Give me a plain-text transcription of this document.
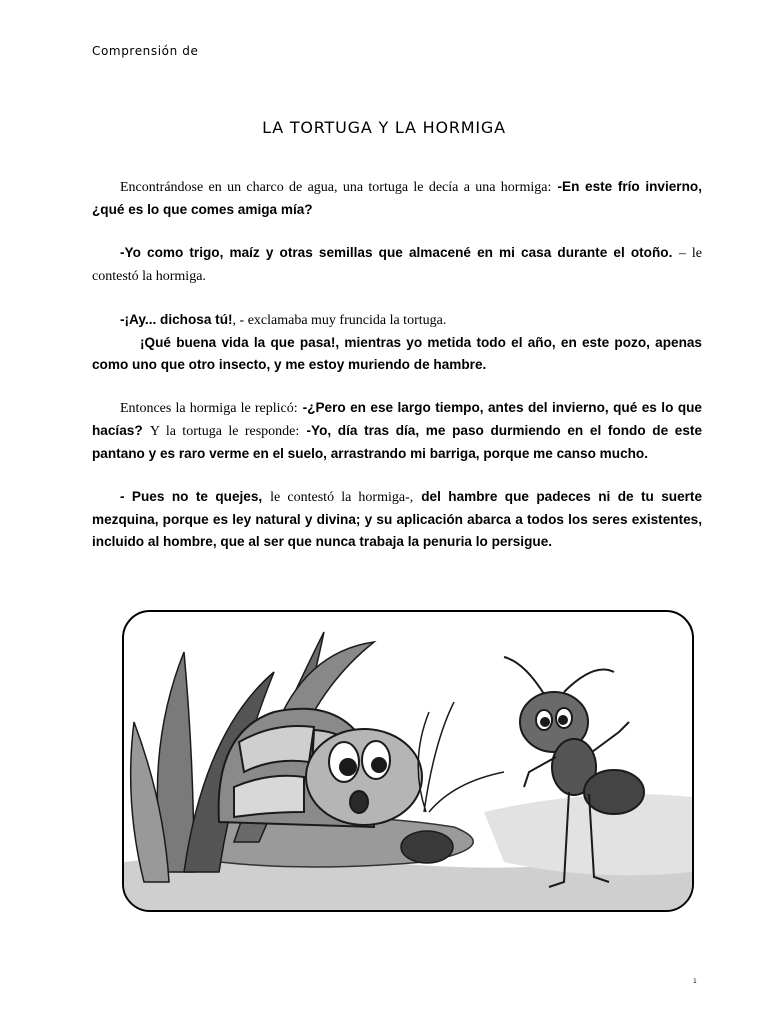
Comprensión de
LA TORTUGA Y LA HORMIGA

Encontrándose en un charco de agua, una tortuga le decía a una hormiga: -En este frío invierno, ¿qué es lo que comes amiga mía?

-Yo como trigo, maíz y otras semillas que almacené en mi casa durante el otoño. – le contestó la hormiga.

-¡Ay... dichosa tú!, - exclamaba muy fruncida la tortuga.

¡Qué buena vida la que pasa!, mientras yo metida todo el año, en este pozo, apenas como uno que otro insecto, y me estoy muriendo de hambre.

Entonces la hormiga le replicó: -¿Pero en ese largo tiempo, antes del invierno, qué es lo que hacías? Y la tortuga le responde: -Yo, día tras día, me paso durmiendo en el fondo de este pantano y es raro verme en el suelo, arrastrando mi barriga, porque me canso mucho.

- Pues no te quejes, le contestó la hormiga-, del hambre que padeces ni de tu suerte mezquina, porque es ley natural y divina; y su aplicación abarca a todos los seres existentes, incluido al hombre, que al ser que nunca trabaja la penuria lo persigue.

1
